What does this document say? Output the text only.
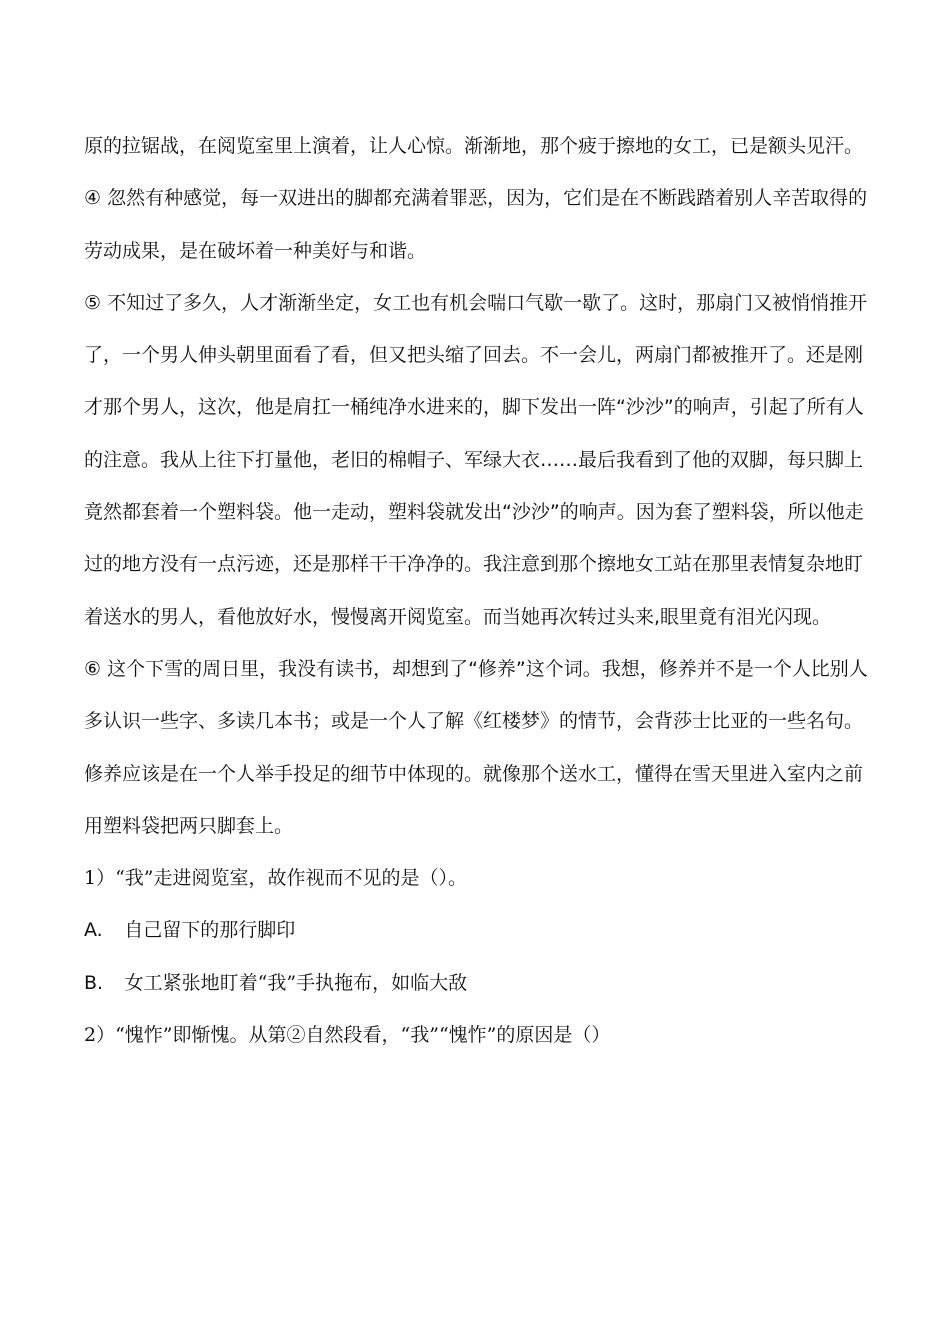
原的拉锯战，在阅览室里上演着，让人心惊。渐渐地，那个疲于擦地的女工，已是额头见汗。

④ 忽然有种感觉，每一双进出的脚都充满着罪恶，因为，它们是在不断践踏着别人辛苦取得的劳动成果，是在破坏着一种美好与和谐。

⑤ 不知过了多久，人才渐渐坐定，女工也有机会喘口气歇一歇了。这时，那扇门又被悄悄推开了，一个男人伸头朝里面看了看，但又把头缩了回去。不一会儿，两扇门都被推开了。还是刚才那个男人，这次，他是肩扛一桶纯净水进来的，脚下发出一阵“沙沙”的响声，引起了所有人的注意。我从上往下打量他，老旧的棉帽子、军绿大衣……最后我看到了他的双脚，每只脚上竟然都套着一个塑料袋。他一走动，塑料袋就发出“沙沙”的响声。因为套了塑料袋，所以他走过的地方没有一点污迹，还是那样干干净净的。我注意到那个擦地女工站在那里表情复杂地盯着送水的男人，看他放好水，慢慢离开阅览室。而当她再次转过头来,眼里竟有泪光闪现。

⑥ 这个下雪的周日里，我没有读书，却想到了“修养”这个词。我想，修养并不是一个人比别人多认识一些字、多读几本书；或是一个人了解《红楼梦》的情节，会背莎士比亚的一些名句。修养应该是在一个人举手投足的细节中体现的。就像那个送水工，懂得在雪天里进入室内之前用塑料袋把两只脚套上。

1）“我”走进阅览室，故作视而不见的是（）。

A.   自己留下的那行脚印

B.   女工紧张地盯着“我”手执拖布，如临大敌

2）“愧怍”即惭愧。从第②自然段看，“我”“愧怍”的原因是（）
